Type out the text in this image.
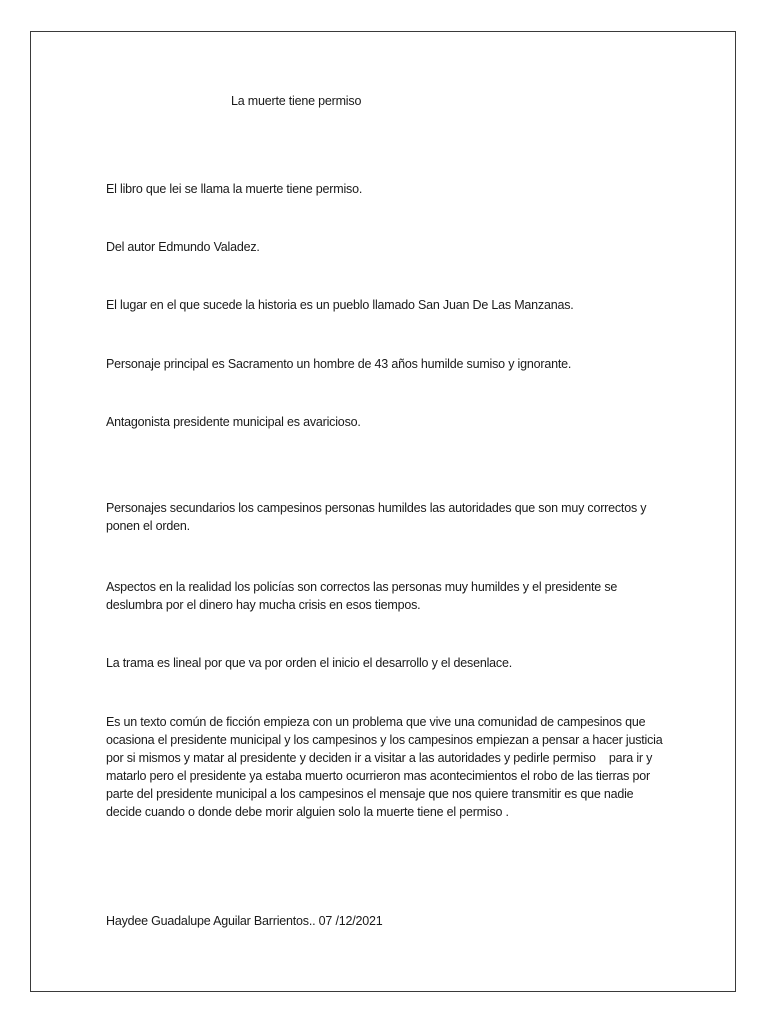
La muerte tiene permiso
El libro que lei se llama la muerte tiene permiso.
Del autor Edmundo Valadez.
El lugar en el que sucede la historia es un pueblo llamado San Juan De Las Manzanas.
Personaje principal es Sacramento un hombre de 43 años humilde sumiso y ignorante.
Antagonista presidente municipal es avaricioso.
Personajes secundarios los campesinos personas humildes las autoridades que son muy correctos y ponen el orden.
Aspectos en la realidad los policías son correctos las personas muy humildes y el presidente se deslumbra por el dinero hay mucha crisis en esos tiempos.
La trama es lineal por que va por orden el inicio el desarrollo y el desenlace.
Es un texto común de ficción empieza con un problema que vive una comunidad de campesinos que ocasiona el presidente municipal y los campesinos y los campesinos empiezan a pensar a hacer justicia por si mismos y matar al presidente y deciden ir a visitar a las autoridades y pedirle permiso    para ir y matarlo pero el presidente ya estaba muerto ocurrieron mas acontecimientos el robo de las tierras por parte del presidente municipal a los campesinos el mensaje que nos quiere transmitir es que nadie decide cuando o donde debe morir alguien solo la muerte tiene el permiso .
Haydee Guadalupe Aguilar Barrientos.. 07 /12/2021
